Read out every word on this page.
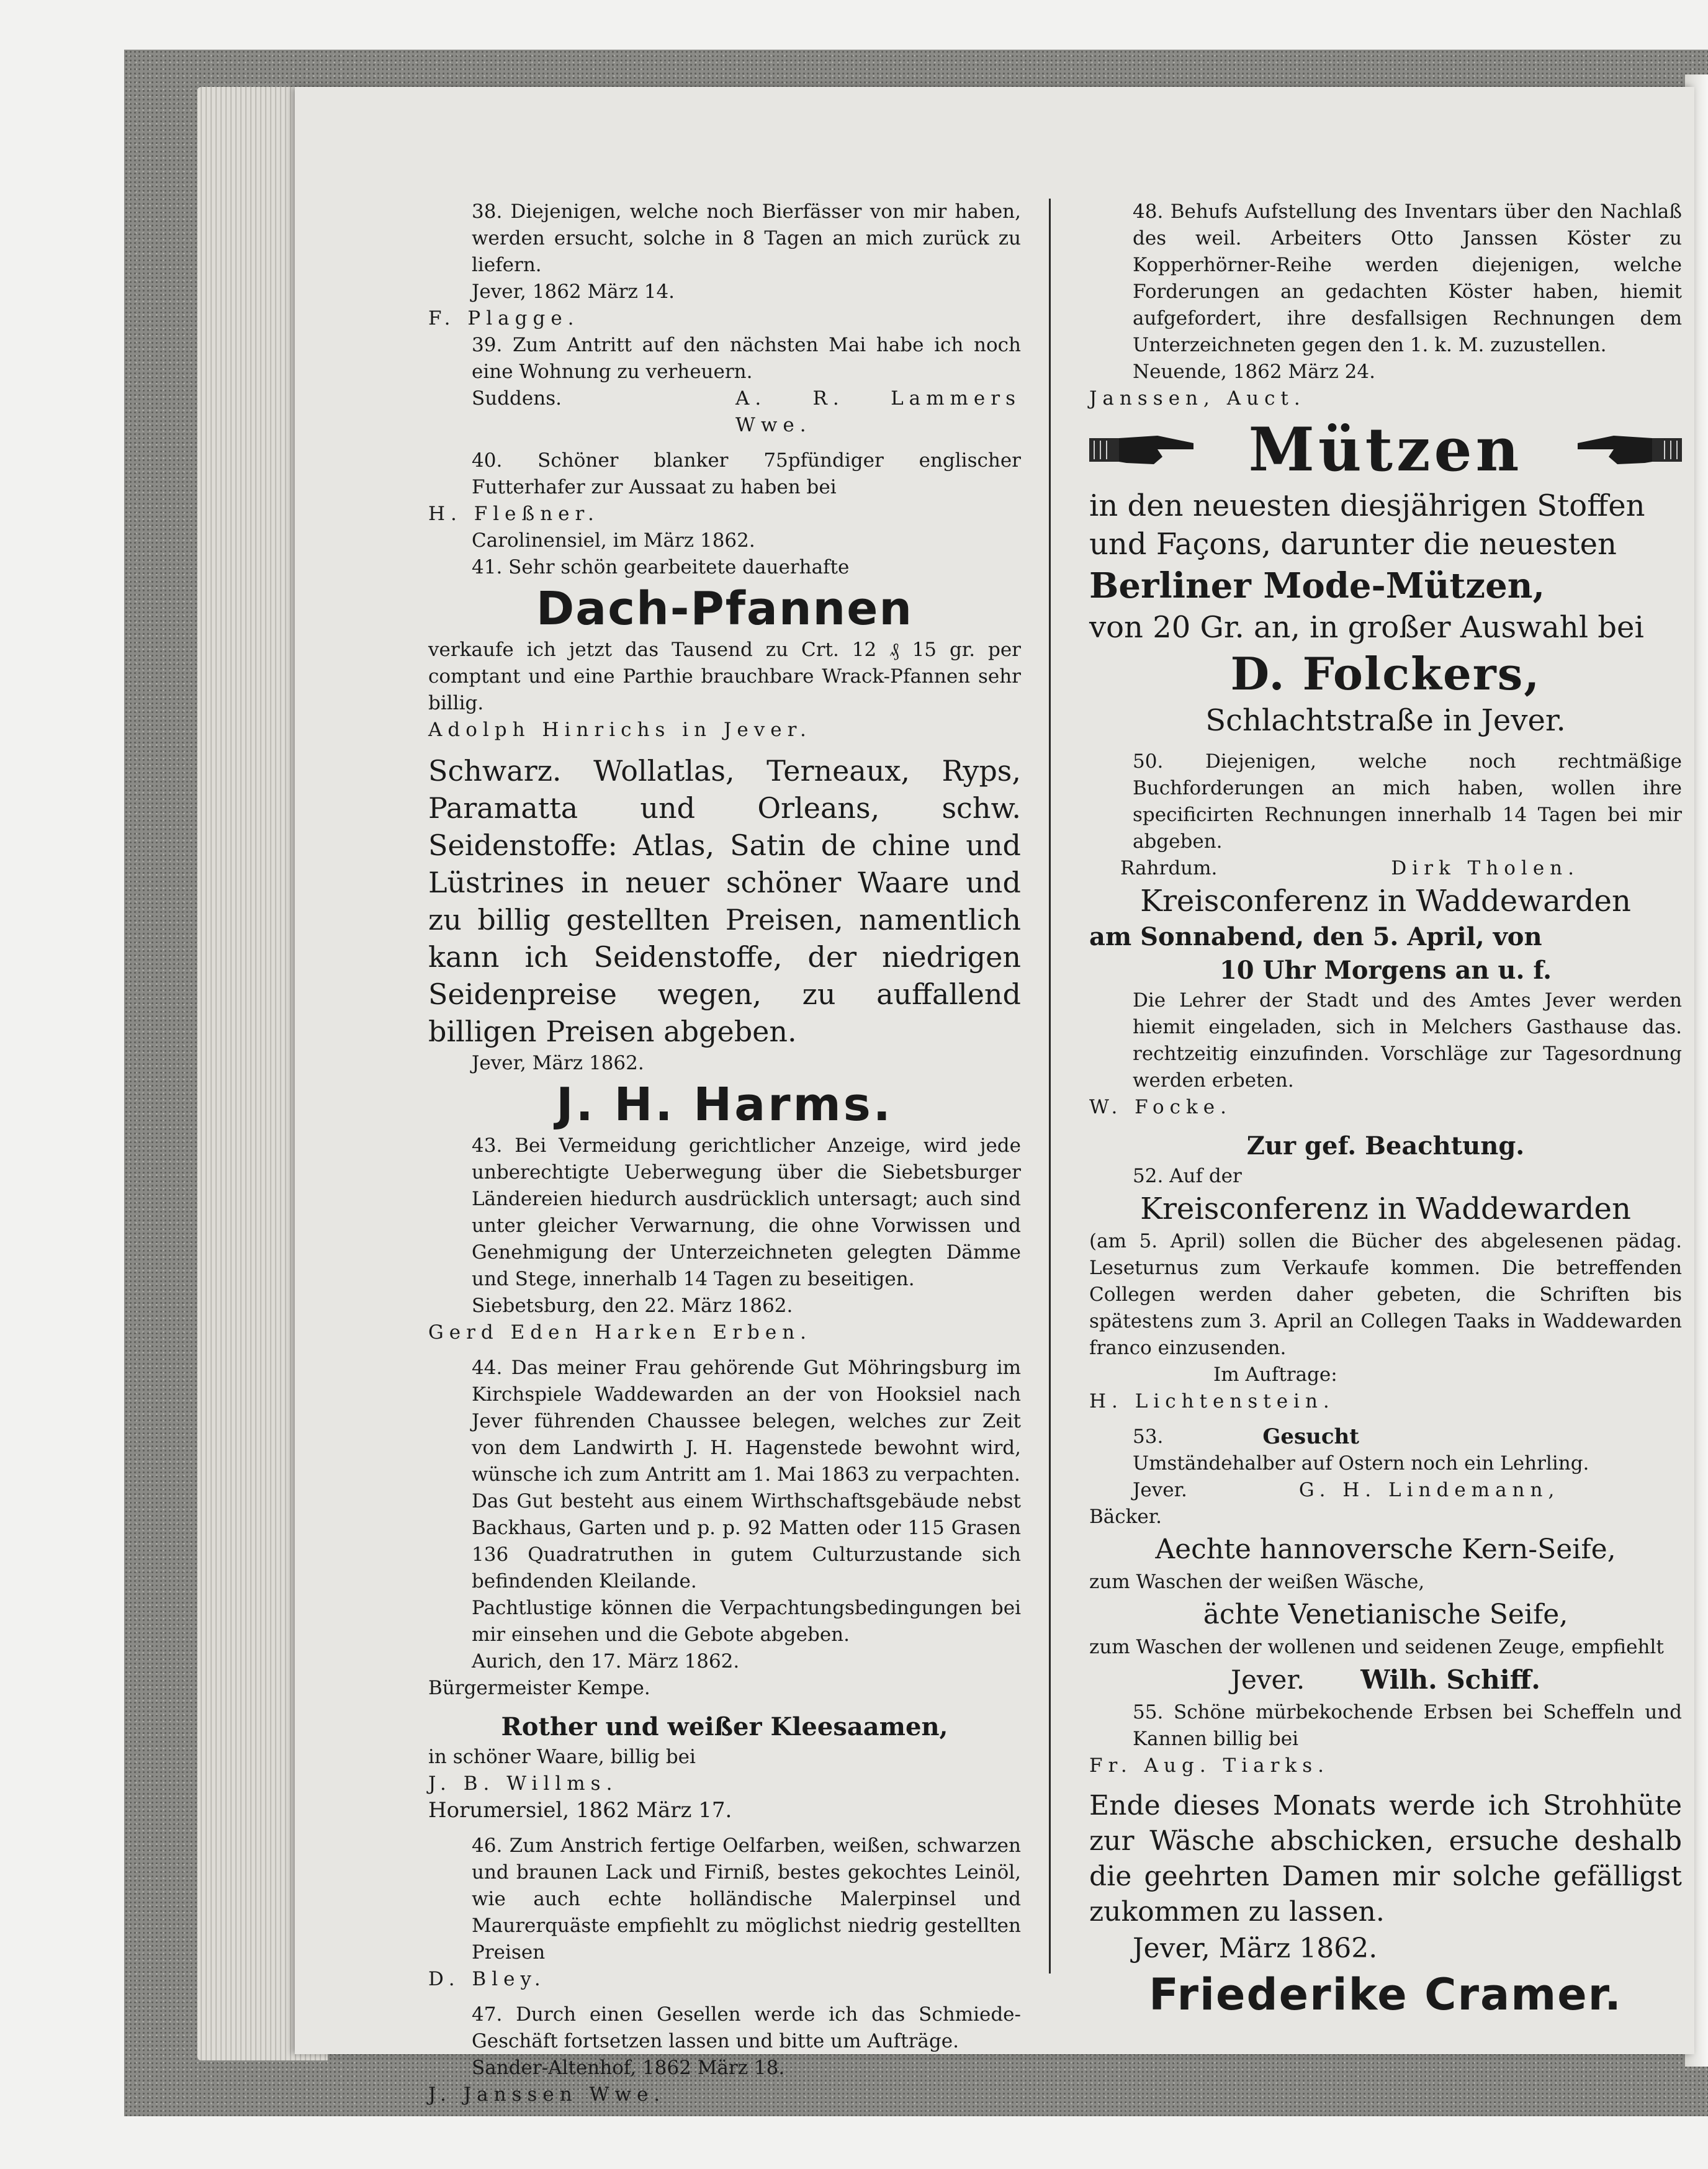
38. Diejenigen, welche noch Bierfässer von mir haben, werden ersucht, solche in 8 Tagen an mich zurück zu liefern.

Jever, 1862 März 14.

F. Plagge.

39. Zum Antritt auf den nächsten Mai habe ich noch eine Wohnung zu verheuern.

Suddens.	A. R. Lammers Wwe.

40. Schöner blanker 75pfündiger englischer Futterhafer zur Aussaat zu haben bei

H. Fleßner.

Carolinensiel, im März 1862.

41. Sehr schön gearbeitete dauerhafte

Dach-Pfannen

verkaufe ich jetzt das Tausend zu Crt. 12 ₰ 15 gr. per comptant und eine Parthie brauchbare Wrack-Pfannen sehr billig.

Adolph Hinrichs in Jever.

Schwarz. Wollatlas, Terneaux, Ryps, Paramatta und Orleans, schw. Seidenstoffe: Atlas, Satin de chine und Lüstrines in neuer schöner Waare und zu billig gestellten Preisen, namentlich kann ich Seidenstoffe, der niedrigen Seidenpreise wegen, zu auffallend billigen Preisen abgeben.

Jever, März 1862.

J. H. Harms.

43. Bei Vermeidung gerichtlicher Anzeige, wird jede unberechtigte Ueberwegung über die Siebetsburger Ländereien hiedurch ausdrücklich untersagt; auch sind unter gleicher Verwarnung, die ohne Vorwissen und Genehmigung der Unterzeichneten gelegten Dämme und Stege, innerhalb 14 Tagen zu beseitigen.

Siebetsburg, den 22. März 1862.

Gerd Eden Harken Erben.

44. Das meiner Frau gehörende Gut Möhringsburg im Kirchspiele Waddewarden an der von Hooksiel nach Jever führenden Chaussee belegen, welches zur Zeit von dem Landwirth J. H. Hagenstede bewohnt wird, wünsche ich zum Antritt am 1. Mai 1863 zu verpachten.

Das Gut besteht aus einem Wirthschaftsgebäude nebst Backhaus, Garten und p. p. 92 Matten oder 115 Grasen 136 Quadratruthen in gutem Culturzustande sich befindenden Kleilande.

Pachtlustige können die Verpachtungsbedingungen bei mir einsehen und die Gebote abgeben.

Aurich, den 17. März 1862.

Bürgermeister Kempe.

Rother und weißer Kleesaamen,

in schöner Waare, billig bei

J. B. Willms.

Horumersiel, 1862 März 17.

46. Zum Anstrich fertige Oelfarben, weißen, schwarzen und braunen Lack und Firniß, bestes gekochtes Leinöl, wie auch echte holländische Malerpinsel und Maurerquäste empfiehlt zu möglichst niedrig gestellten Preisen

D. Bley.

47. Durch einen Gesellen werde ich das Schmiede-Geschäft fortsetzen lassen und bitte um Aufträge.

Sander-Altenhof, 1862 März 18.

J. Janssen Wwe.

48. Behufs Aufstellung des Inventars über den Nachlaß des weil. Arbeiters Otto Janssen Köster zu Kopperhörner-Reihe werden diejenigen, welche Forderungen an gedachten Köster haben, hiemit aufgefordert, ihre desfallsigen Rechnungen dem Unterzeichneten gegen den 1. k. M. zuzustellen.

Neuende, 1862 März 24.

Janssen, Auct.

Mützen

in den neuesten diesjährigen Stoffen

und Façons, darunter die neuesten

Berliner Mode-Mützen,

von 20 Gr. an, in großer Auswahl bei

D. Folckers,

Schlachtstraße in Jever.

50. Diejenigen, welche noch rechtmäßige Buchforderungen an mich haben, wollen ihre specificirten Rechnungen innerhalb 14 Tagen bei mir abgeben.

Rahrdum.	Dirk Tholen.

Kreisconferenz in Waddewarden

am Sonnabend, den 5. April, von

10 Uhr Morgens an u. f.

Die Lehrer der Stadt und des Amtes Jever werden hiemit eingeladen, sich in Melchers Gasthause das. rechtzeitig einzufinden. Vorschläge zur Tagesordnung werden erbeten.

W. Focke.

Zur gef. Beachtung.

52. Auf der

Kreisconferenz in Waddewarden

(am 5. April) sollen die Bücher des abgelesenen pädag. Leseturnus zum Verkaufe kommen. Die betreffenden Collegen werden daher gebeten, die Schriften bis spätestens zum 3. April an Collegen Taaks in Waddewarden franco einzusenden.

Im Auftrage:

H. Lichtenstein.

53.	Gesucht

Umständehalber auf Ostern noch ein Lehrling.

Jever.	G. H. Lindemann,

Bäcker.

Aechte hannoversche Kern-Seife,

zum Waschen der weißen Wäsche,

ächte Venetianische Seife,

zum Waschen der wollenen und seidenen Zeuge, empfiehlt

Jever. Wilh. Schiff.

55. Schöne mürbekochende Erbsen bei Scheffeln und Kannen billig bei

Fr. Aug. Tiarks.

Ende dieses Monats werde ich Strohhüte zur Wäsche abschicken, ersuche deshalb die geehrten Damen mir solche gefälligst zukommen zu lassen.

Jever, März 1862.

Friederike Cramer.
